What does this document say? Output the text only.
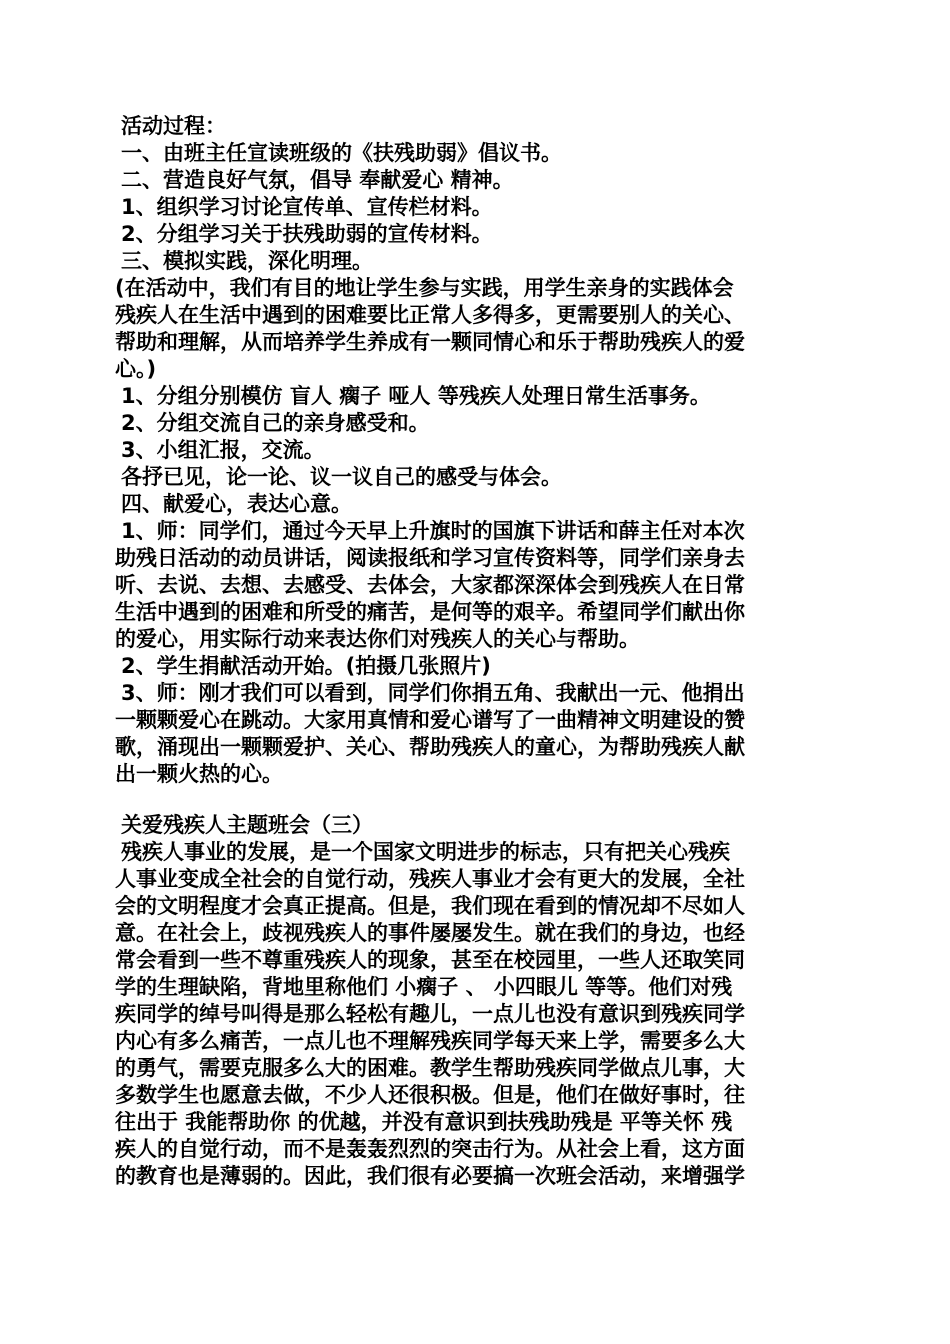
活动过程：
一、由班主任宣读班级的《扶残助弱》倡议书。
二、营造良好气氛，倡导 奉献爱心 精神。
1、组织学习讨论宣传单、宣传栏材料。
2、分组学习关于扶残助弱的宣传材料。
三、模拟实践，深化明理。
(在活动中，我们有目的地让学生参与实践，用学生亲身的实践体会
残疾人在生活中遇到的困难要比正常人多得多，更需要别人的关心、
帮助和理解，从而培养学生养成有一颗同情心和乐于帮助残疾人的爱
心。)
1、分组分别模仿 盲人 瘸子 哑人 等残疾人处理日常生活事务。
2、分组交流自己的亲身感受和。
3、小组汇报，交流。
各抒已见，论一论、议一议自己的感受与体会。
四、献爱心，表达心意。
1、师：同学们，通过今天早上升旗时的国旗下讲话和薛主任对本次
助残日活动的动员讲话，阅读报纸和学习宣传资料等，同学们亲身去
听、去说、去想、去感受、去体会，大家都深深体会到残疾人在日常
生活中遇到的困难和所受的痛苦，是何等的艰辛。希望同学们献出你
的爱心，用实际行动来表达你们对残疾人的关心与帮助。
2、学生捐献活动开始。(拍摄几张照片)
3、师：刚才我们可以看到，同学们你捐五角、我献出一元、他捐出
一颗颗爱心在跳动。大家用真情和爱心谱写了一曲精神文明建设的赞
歌，涌现出一颗颗爱护、关心、帮助残疾人的童心，为帮助残疾人献
出一颗火热的心。
关爱残疾人主题班会（三）
残疾人事业的发展，是一个国家文明进步的标志，只有把关心残疾
人事业变成全社会的自觉行动，残疾人事业才会有更大的发展，全社
会的文明程度才会真正提高。但是，我们现在看到的情况却不尽如人
意。在社会上，歧视残疾人的事件屡屡发生。就在我们的身边，也经
常会看到一些不尊重残疾人的现象，甚至在校园里，一些人还取笑同
学的生理缺陷，背地里称他们 小瘸子 、 小四眼儿 等等。他们对残
疾同学的绰号叫得是那么轻松有趣儿，一点儿也没有意识到残疾同学
内心有多么痛苦，一点儿也不理解残疾同学每天来上学，需要多么大
的勇气，需要克服多么大的困难。教学生帮助残疾同学做点儿事，大
多数学生也愿意去做，不少人还很积极。但是，他们在做好事时，往
往出于 我能帮助你 的优越，并没有意识到扶残助残是 平等关怀 残
疾人的自觉行动，而不是轰轰烈烈的突击行为。从社会上看，这方面
的教育也是薄弱的。因此，我们很有必要搞一次班会活动，来增强学
